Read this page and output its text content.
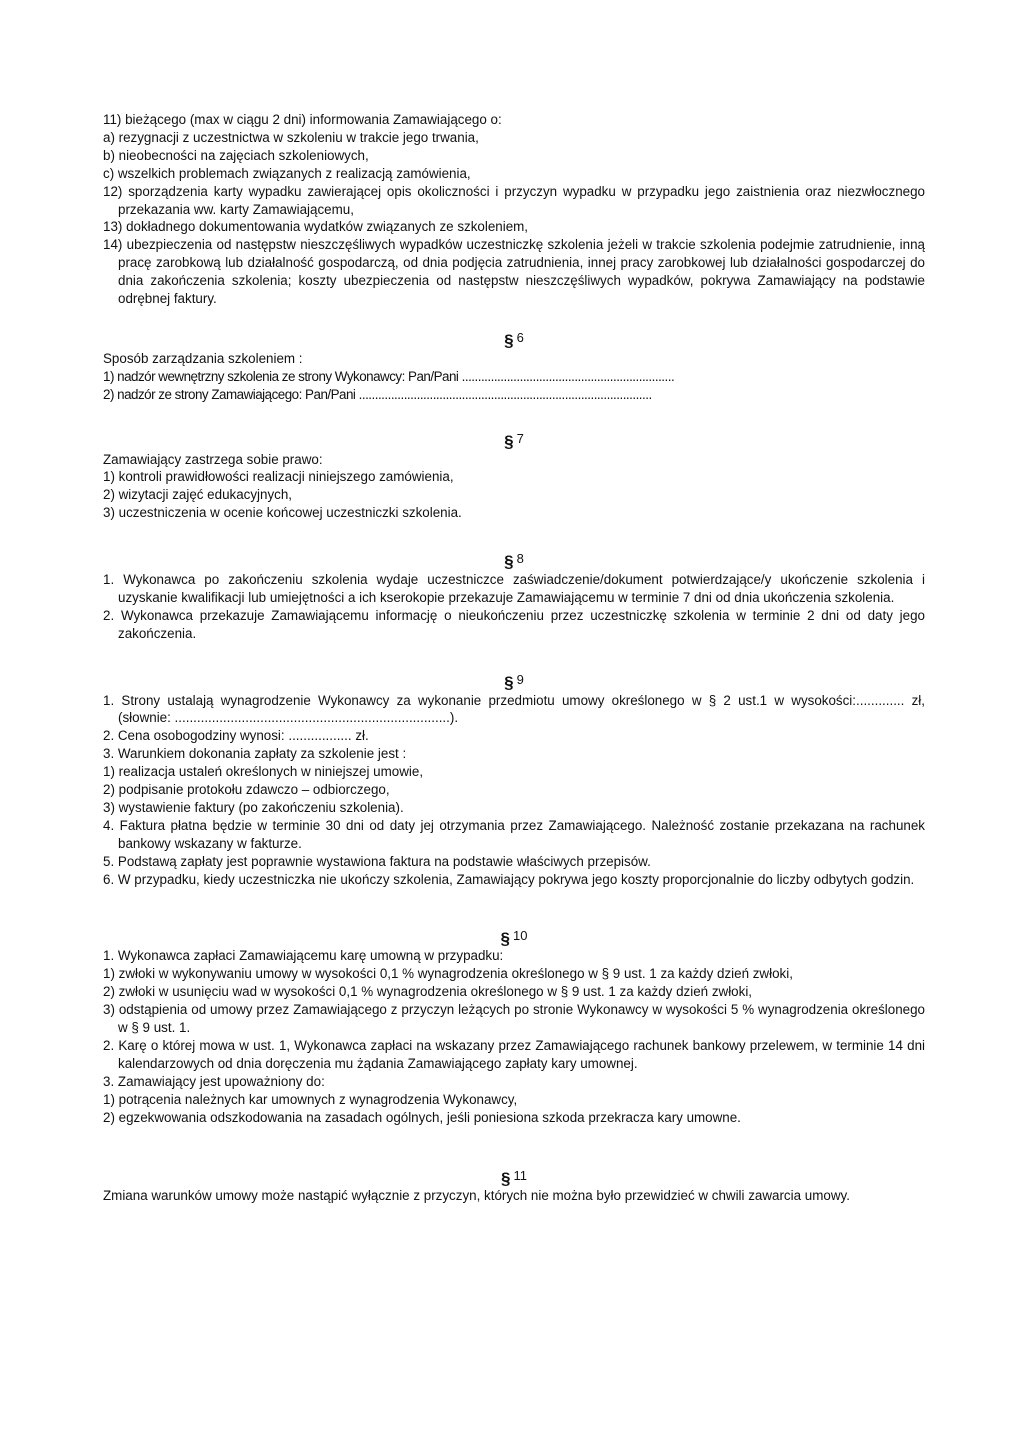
11) bieżącego (max w ciągu 2 dni) informowania Zamawiającego o:

a) rezygnacji z uczestnictwa w szkoleniu w trakcie jego trwania,

b) nieobecności na zajęciach szkoleniowych,

c) wszelkich problemach związanych z realizacją zamówienia,

12) sporządzenia karty wypadku zawierającej opis okoliczności i przyczyn wypadku w przypadku jego zaistnienia oraz niezwłocznego przekazania ww. karty Zamawiającemu,

13) dokładnego dokumentowania wydatków związanych ze szkoleniem,

14) ubezpieczenia od następstw nieszczęśliwych wypadków uczestniczkę szkolenia jeżeli w trakcie szkolenia podejmie zatrudnienie, inną pracę zarobkową lub działalność gospodarczą, od dnia podjęcia zatrudnienia, innej pracy zarobkowej lub działalności gospodarczej do dnia zakończenia szkolenia; koszty ubezpieczenia od następstw nieszczęśliwych wypadków, pokrywa Zamawiający na podstawie odrębnej faktury.

§ 6

Sposób zarządzania szkoleniem :

1) nadzór wewnętrzny szkolenia ze strony Wykonawcy: Pan/Pani ..................................................................

2) nadzór ze strony Zamawiającego: Pan/Pani ...........................................................................................

§ 7

Zamawiający zastrzega sobie prawo:

1) kontroli prawidłowości realizacji niniejszego zamówienia,

2) wizytacji zajęć edukacyjnych,

3) uczestniczenia w ocenie końcowej uczestniczki szkolenia.

§ 8

1. Wykonawca po zakończeniu szkolenia wydaje uczestniczce zaświadczenie/dokument potwierdzające/y ukończenie szkolenia i uzyskanie kwalifikacji lub umiejętności a ich kserokopie przekazuje Zamawiającemu w terminie 7 dni od dnia ukończenia szkolenia.

2. Wykonawca przekazuje Zamawiającemu informację o nieukończeniu przez uczestniczkę szkolenia w terminie 2 dni od daty jego zakończenia.

§ 9

1. Strony ustalają wynagrodzenie Wykonawcy za wykonanie przedmiotu umowy określonego w § 2 ust.1 w wysokości:............. zł, (słownie: ..........................................................................).

2. Cena osobogodziny wynosi: ................. zł.

3. Warunkiem dokonania zapłaty za szkolenie jest :

1) realizacja ustaleń określonych w niniejszej umowie,

2) podpisanie protokołu zdawczo – odbiorczego,

3) wystawienie faktury (po zakończeniu szkolenia).

4. Faktura płatna będzie w terminie 30 dni od daty jej otrzymania przez Zamawiającego. Należność zostanie przekazana na rachunek bankowy wskazany w fakturze.

5. Podstawą zapłaty jest poprawnie wystawiona faktura na podstawie właściwych przepisów.

6. W przypadku, kiedy uczestniczka nie ukończy szkolenia, Zamawiający pokrywa jego koszty proporcjonalnie do liczby odbytych godzin.

§ 10

1. Wykonawca zapłaci Zamawiającemu karę umowną w przypadku:

1) zwłoki w wykonywaniu umowy w wysokości 0,1 % wynagrodzenia określonego w § 9 ust. 1 za każdy dzień zwłoki,

2) zwłoki w usunięciu wad w wysokości 0,1 % wynagrodzenia określonego w § 9 ust. 1 za każdy dzień zwłoki,

3) odstąpienia od umowy przez Zamawiającego z przyczyn leżących po stronie Wykonawcy w wysokości 5 % wynagrodzenia określonego w § 9 ust. 1.

2. Karę o której mowa w ust. 1, Wykonawca zapłaci na wskazany przez Zamawiającego rachunek bankowy przelewem, w terminie 14 dni kalendarzowych od dnia doręczenia mu żądania Zamawiającego zapłaty kary umownej.

3. Zamawiający jest upoważniony do:

1) potrącenia należnych kar umownych z wynagrodzenia Wykonawcy,

2) egzekwowania odszkodowania na zasadach ogólnych, jeśli poniesiona szkoda przekracza kary umowne.

§ 11

Zmiana warunków umowy może nastąpić wyłącznie z przyczyn, których nie można było przewidzieć w chwili zawarcia umowy.
